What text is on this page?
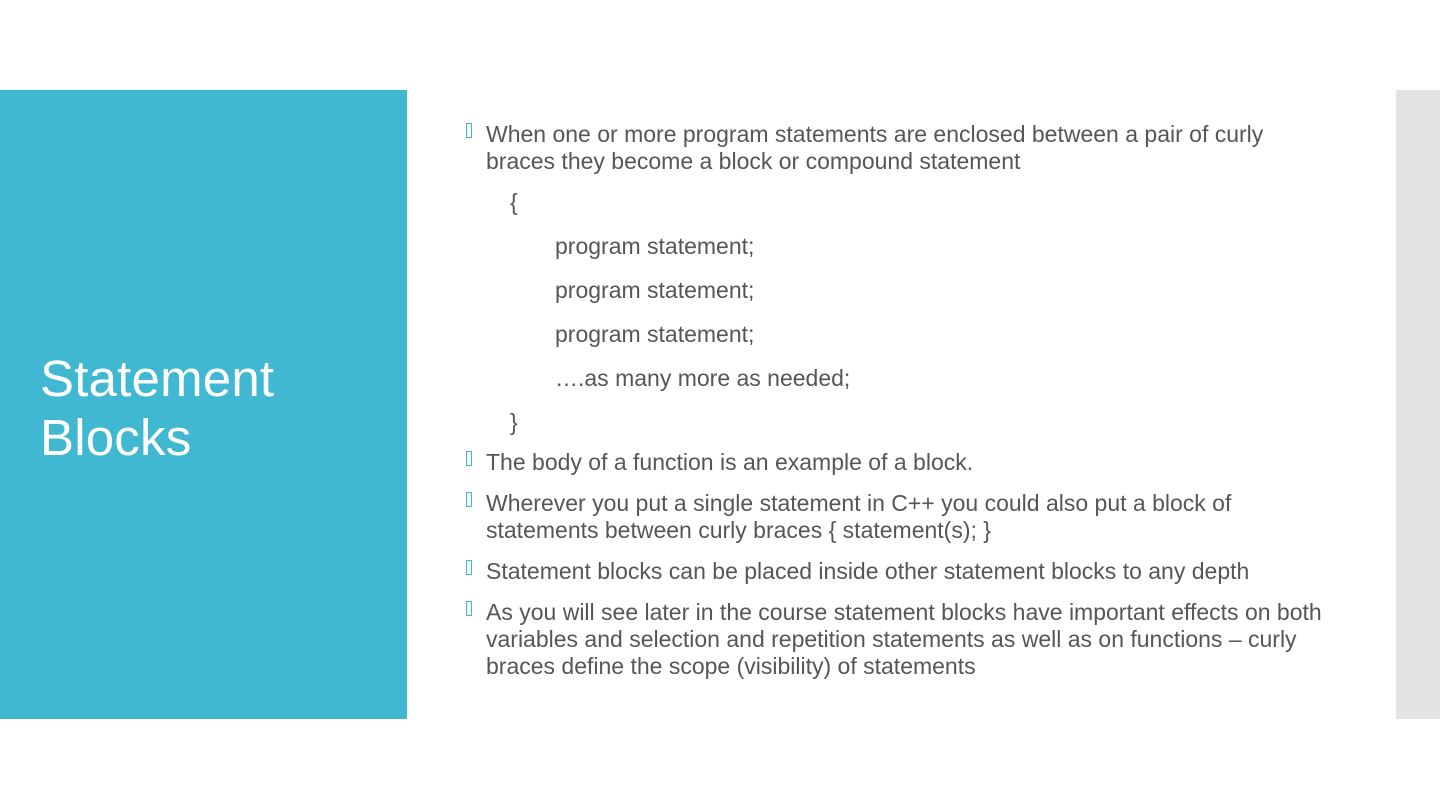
Statement
Blocks
When one or more program statements are enclosed between a pair of curly braces they become a block or compound statement
{
program statement;
program statement;
program statement;
….as many more as needed;
}
The body of a function is an example of a block.
Wherever you put a single statement in C++ you could also put a block of statements between curly braces { statement(s); }
Statement blocks can be placed inside other statement blocks to any depth
As you will see later in the course statement blocks have important effects on both variables and selection and repetition statements as well as on functions – curly braces define the scope (visibility) of statements
